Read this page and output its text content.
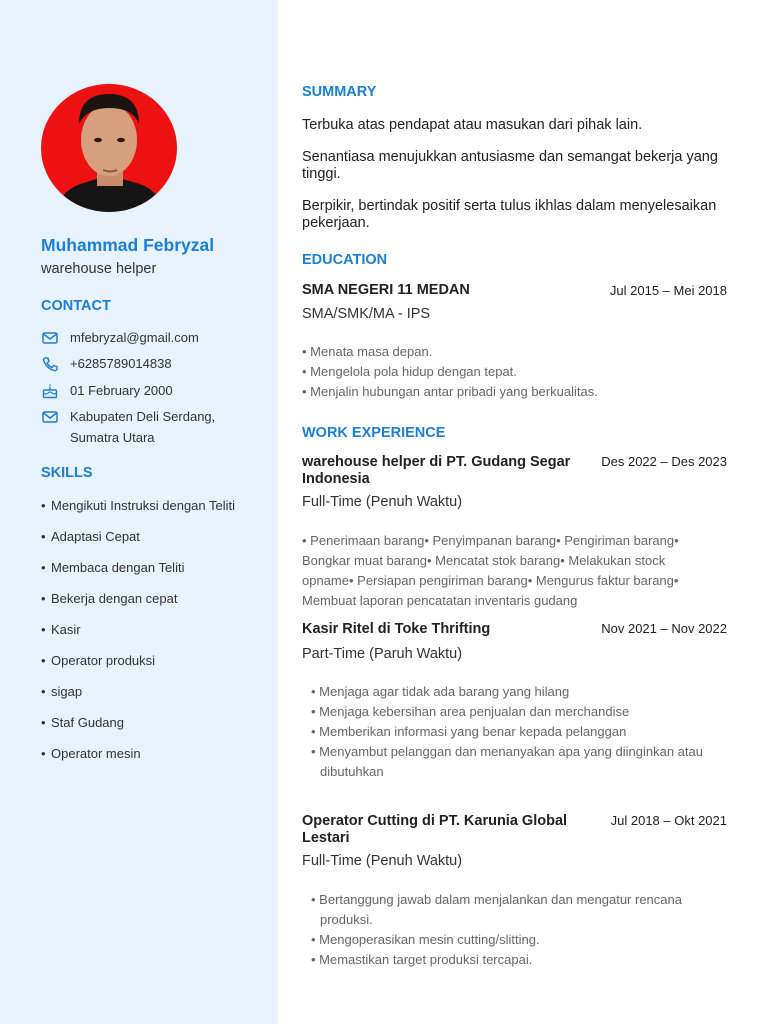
Muhammad Febryzal
warehouse helper
CONTACT
mfebryzal@gmail.com
+6285789014838
01 February 2000
Kabupaten Deli Serdang,
Sumatra Utara
SKILLS
• Mengikuti Instruksi dengan Teliti
• Adaptasi Cepat
• Membaca dengan Teliti
• Bekerja dengan cepat
• Kasir
• Operator produksi
• sigap
• Staf Gudang
• Operator mesin
SUMMARY
Terbuka atas pendapat atau masukan dari pihak lain.
Senantiasa menujukkan antusiasme dan semangat bekerja yang tinggi.
Berpikir, bertindak positif serta tulus ikhlas dalam menyelesaikan pekerjaan.
EDUCATION
SMA NEGERI 11 MEDAN	Jul 2015 – Mei 2018
SMA/SMK/MA - IPS
• Menata masa depan.
• Mengelola pola hidup dengan tepat.
• Menjalin hubungan antar pribadi yang berkualitas.
WORK EXPERIENCE
warehouse helper di PT. Gudang Segar Indonesia
Des 2022 – Des 2023
Full-Time (Penuh Waktu)
• Penerimaan barang• Penyimpanan barang• Pengiriman barang• Bongkar muat barang• Mencatat stok barang• Melakukan stock opname• Persiapan pengiriman barang• Mengurus faktur barang• Membuat laporan pencatatan inventaris gudang
Kasir Ritel di Toke Thrifting	Nov 2021 – Nov 2022
Part-Time (Paruh Waktu)
• Menjaga agar tidak ada barang yang hilang
• Menjaga kebersihan area penjualan dan merchandise
• Memberikan informasi yang benar kepada pelanggan
• Menyambut pelanggan dan menanyakan apa yang diinginkan atau dibutuhkan
Operator Cutting di PT. Karunia Global Lestari
Jul 2018 – Okt 2021
Full-Time (Penuh Waktu)
• Bertanggung jawab dalam menjalankan dan mengatur rencana produksi.
• Mengoperasikan mesin cutting/slitting.
• Memastikan target produksi tercapai.
